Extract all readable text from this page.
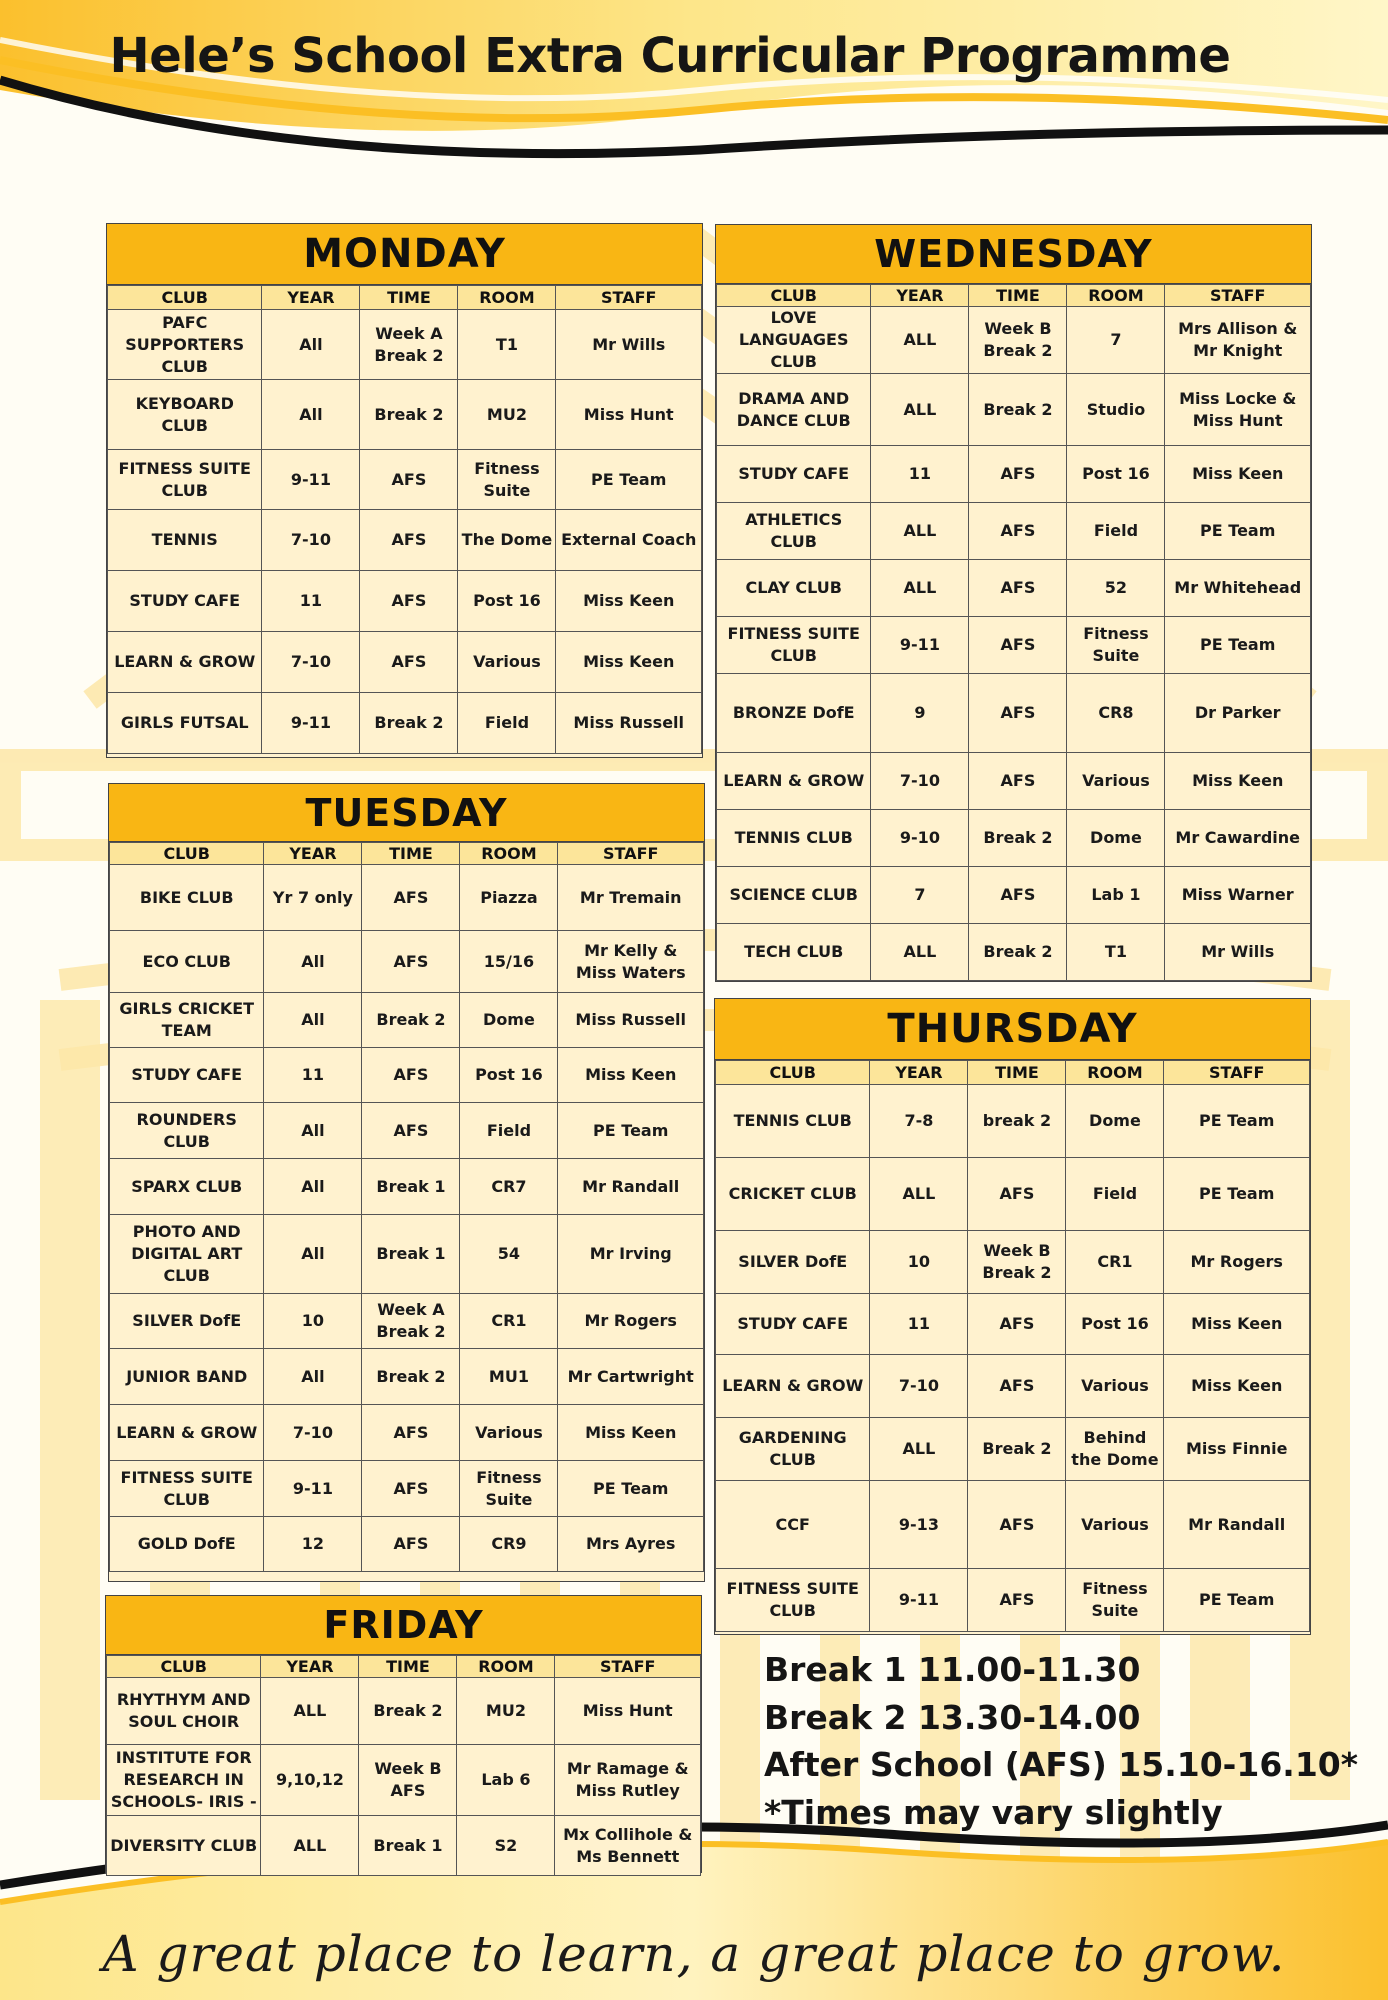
Hele’s School Extra Curricular Programme
MONDAY
CLUB	YEAR	TIME	ROOM	STAFF
PAFC SUPPORTERS CLUB	All	Week A Break 2	T1	Mr Wills
KEYBOARD CLUB	All	Break 2	MU2	Miss Hunt
FITNESS SUITE CLUB	9-11	AFS	Fitness Suite	PE Team
TENNIS	7-10	AFS	The Dome	External Coach
STUDY CAFE	11	AFS	Post 16	Miss Keen
LEARN & GROW	7-10	AFS	Various	Miss Keen
GIRLS FUTSAL	9-11	Break 2	Field	Miss Russell
TUESDAY
CLUB	YEAR	TIME	ROOM	STAFF
BIKE CLUB	Yr 7 only	AFS	Piazza	Mr Tremain
ECO CLUB	All	AFS	15/16	Mr Kelly & Miss Waters
GIRLS CRICKET TEAM	All	Break 2	Dome	Miss Russell
STUDY CAFE	11	AFS	Post 16	Miss Keen
ROUNDERS CLUB	All	AFS	Field	PE Team
SPARX CLUB	All	Break 1	CR7	Mr Randall
PHOTO AND DIGITAL ART CLUB	All	Break 1	54	Mr Irving
SILVER DofE	10	Week A Break 2	CR1	Mr Rogers
JUNIOR BAND	All	Break 2	MU1	Mr Cartwright
LEARN & GROW	7-10	AFS	Various	Miss Keen
FITNESS SUITE CLUB	9-11	AFS	Fitness Suite	PE Team
GOLD DofE	12	AFS	CR9	Mrs Ayres
FRIDAY
CLUB	YEAR	TIME	ROOM	STAFF
RHYTHYM AND SOUL CHOIR	ALL	Break 2	MU2	Miss Hunt
INSTITUTE FOR RESEARCH IN SCHOOLS- IRIS -	9,10,12	Week B AFS	Lab 6	Mr Ramage & Miss Rutley
DIVERSITY CLUB	ALL	Break 1	S2	Mx Collihole & Ms Bennett
WEDNESDAY
CLUB	YEAR	TIME	ROOM	STAFF
LOVE LANGUAGES CLUB	ALL	Week B Break 2	7	Mrs Allison & Mr Knight
DRAMA AND DANCE CLUB	ALL	Break 2	Studio	Miss Locke & Miss Hunt
STUDY CAFE	11	AFS	Post 16	Miss Keen
ATHLETICS CLUB	ALL	AFS	Field	PE Team
CLAY CLUB	ALL	AFS	52	Mr Whitehead
FITNESS SUITE CLUB	9-11	AFS	Fitness Suite	PE Team
BRONZE DofE	9	AFS	CR8	Dr Parker
LEARN & GROW	7-10	AFS	Various	Miss Keen
TENNIS CLUB	9-10	Break 2	Dome	Mr Cawardine
SCIENCE CLUB	7	AFS	Lab 1	Miss Warner
TECH CLUB	ALL	Break 2	T1	Mr Wills
THURSDAY
CLUB	YEAR	TIME	ROOM	STAFF
TENNIS CLUB	7-8	break 2	Dome	PE Team
CRICKET CLUB	ALL	AFS	Field	PE Team
SILVER DofE	10	Week B Break 2	CR1	Mr Rogers
STUDY CAFE	11	AFS	Post 16	Miss Keen
LEARN & GROW	7-10	AFS	Various	Miss Keen
GARDENING CLUB	ALL	Break 2	Behind the Dome	Miss Finnie
CCF	9-13	AFS	Various	Mr Randall
FITNESS SUITE CLUB	9-11	AFS	Fitness Suite	PE Team
Break 1 11.00-11.30
Break 2 13.30-14.00
After School (AFS) 15.10-16.10*
*Times may vary slightly
A great place to learn, a great place to grow.
